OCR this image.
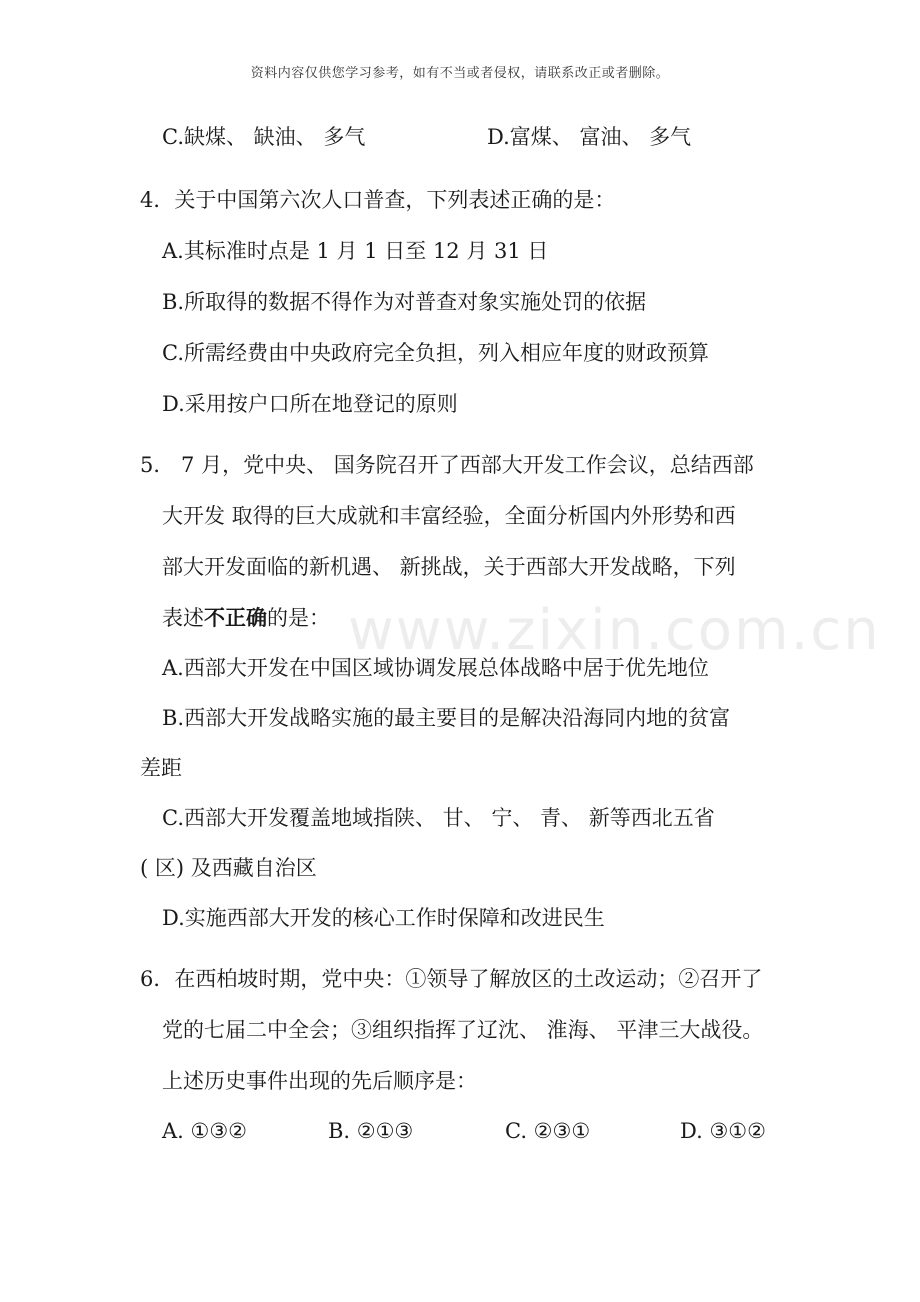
资料内容仅供您学习参考，如有不当或者侵权，请联系改正或者删除。
www.zixin.com.cn
C.缺煤、 缺油、 多气	D.富煤、 富油、 多气
4．关于中国第六次人口普查，下列表述正确的是：
A.其标准时点是 1 月 1 日至 12 月 31 日
B.所取得的数据不得作为对普查对象实施处罚的依据
C.所需经费由中央政府完全负担，列入相应年度的财政预算
D.采用按户口所在地登记的原则
5． 7 月，党中央、 国务院召开了西部大开发工作会议，总结西部
大开发 取得的巨大成就和丰富经验，全面分析国内外形势和西
部大开发面临的新机遇、 新挑战，关于西部大开发战略，下列
表述不正确的是：
A.西部大开发在中国区域协调发展总体战略中居于优先地位
B.西部大开发战略实施的最主要目的是解决沿海同内地的贫富
差距
C.西部大开发覆盖地域指陕、 甘、 宁、 青、 新等西北五省
( 区) 及西藏自治区
D.实施西部大开发的核心工作时保障和改进民生
6．在西柏坡时期，党中央：①领导了解放区的土改运动；②召开了
党的七届二中全会；③组织指挥了辽沈、 淮海、 平津三大战役。
上述历史事件出现的先后顺序是：
A. ①③②	B. ②①③	C. ②③①	D. ③①②
